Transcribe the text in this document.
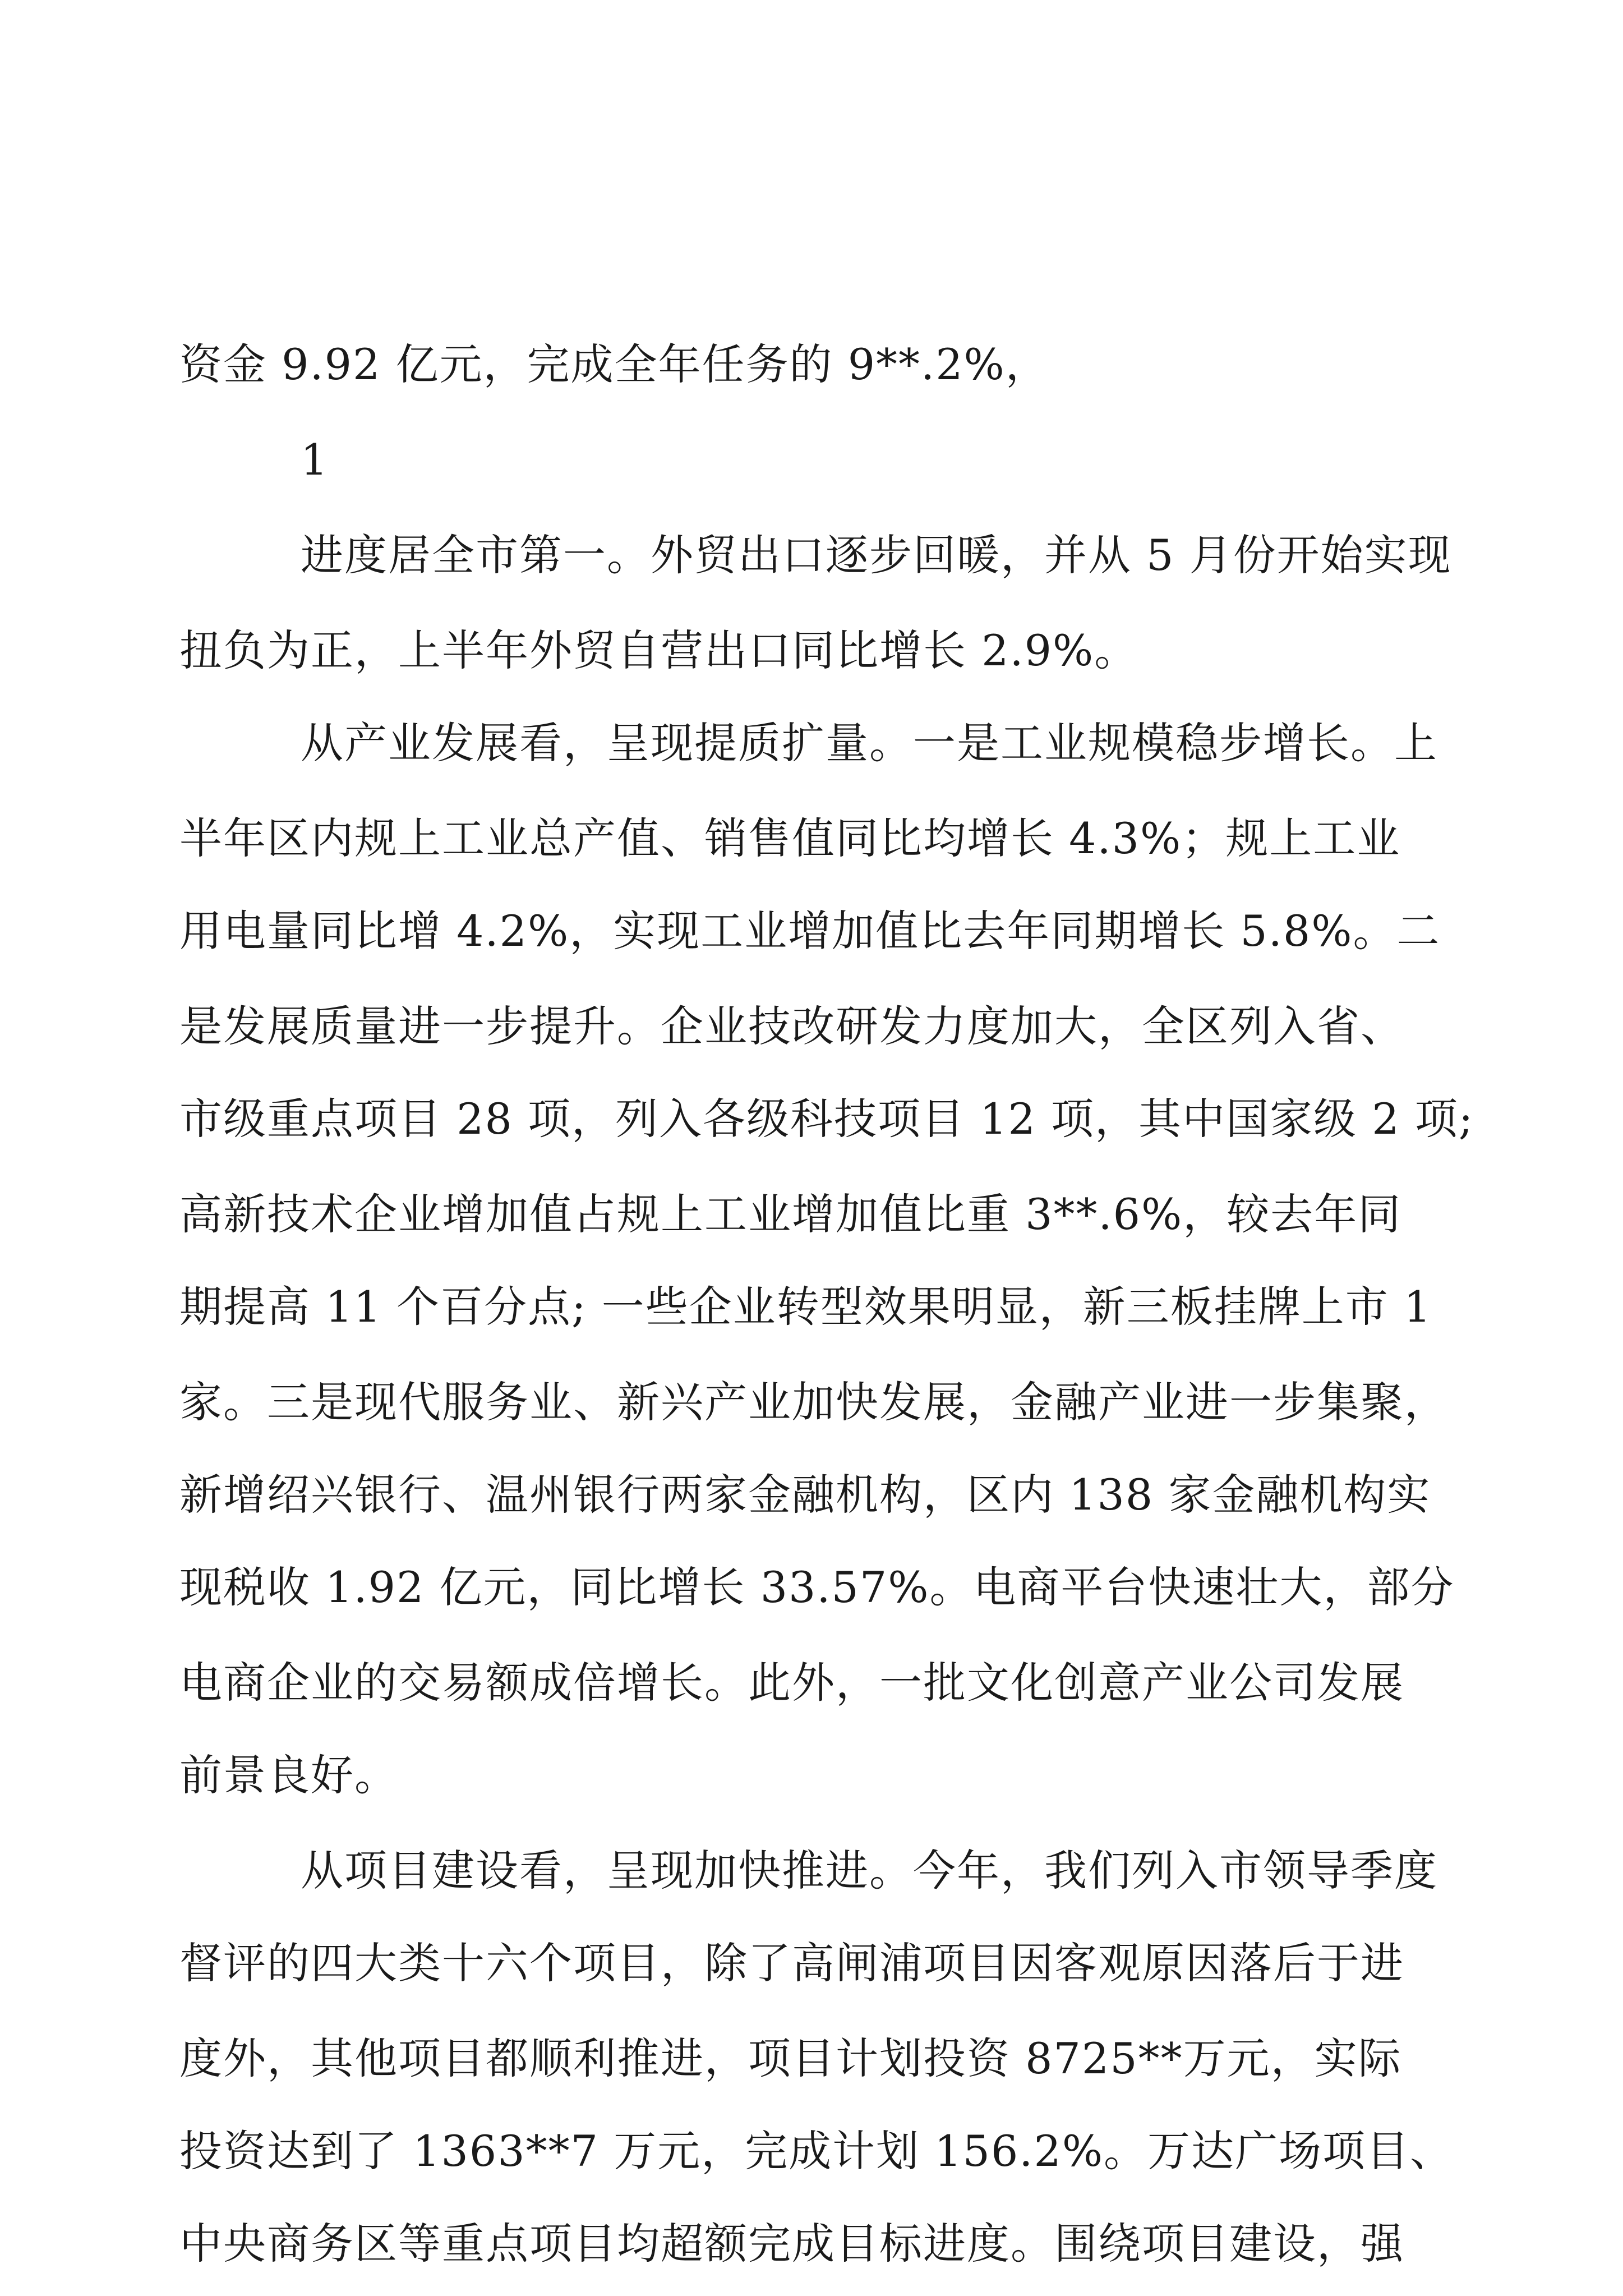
资金 9.92 亿元，完成全年任务的 9**.2%，
1
进度居全市第一。外贸出口逐步回暖，并从 5 月份开始实现
扭负为正，上半年外贸自营出口同比增长 2.9%。
从产业发展看，呈现提质扩量。一是工业规模稳步增长。上
半年区内规上工业总产值、销售值同比均增长 4.3%；规上工业
用电量同比增 4.2%，实现工业增加值比去年同期增长 5.8%。二
是发展质量进一步提升。企业技改研发力度加大，全区列入省、
市级重点项目 28 项，列入各级科技项目 12 项，其中国家级 2 项;
高新技术企业增加值占规上工业增加值比重 3**.6%，较去年同
期提高 11 个百分点; 一些企业转型效果明显，新三板挂牌上市 1
家。三是现代服务业、新兴产业加快发展，金融产业进一步集聚，
新增绍兴银行、温州银行两家金融机构，区内 138 家金融机构实
现税收 1.92 亿元，同比增长 33.57%。电商平台快速壮大，部分
电商企业的交易额成倍增长。此外，一批文化创意产业公司发展
前景良好。
从项目建设看，呈现加快推进。今年，我们列入市领导季度
督评的四大类十六个项目，除了高闸浦项目因客观原因落后于进
度外，其他项目都顺利推进，项目计划投资 8725**万元，实际
投资达到了 1363**7 万元，完成计划 156.2%。万达广场项目、
中央商务区等重点项目均超额完成目标进度。围绕项目建设，强
